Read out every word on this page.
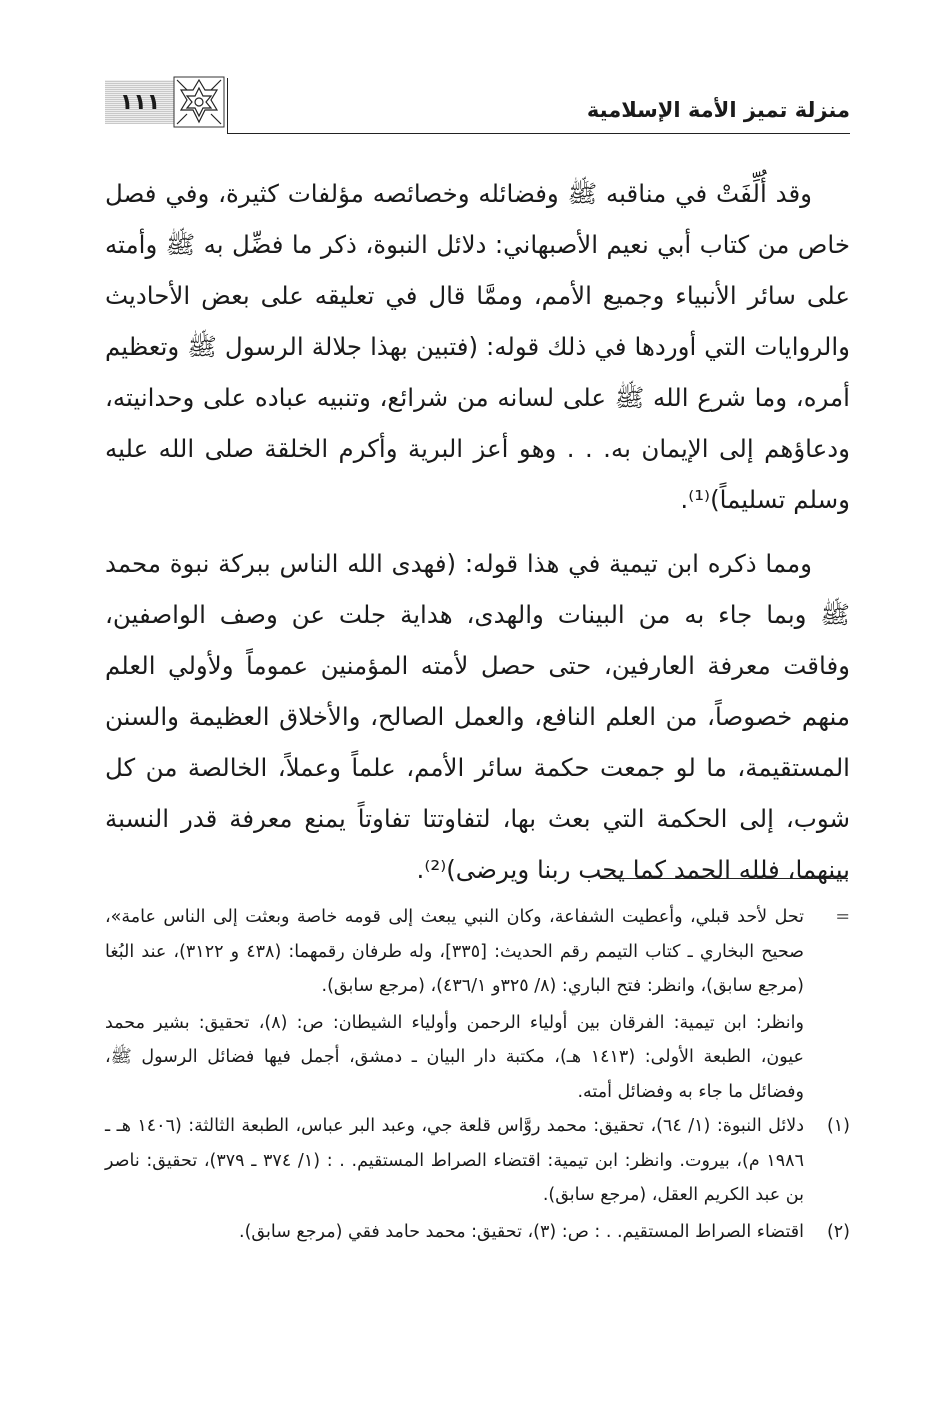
١١١	منزلة تميز الأمة الإسلامية

وقد أُلِّفَتْ في مناقبه ﷺ وفضائله وخصائصه مؤلفات كثيرة، وفي فصل خاص من كتاب أبي نعيم الأصبهاني: دلائل النبوة، ذكر ما فضِّل به ﷺ وأمته على سائر الأنبياء وجميع الأمم، وممَّا قال في تعليقه على بعض الأحاديث والروايات التي أوردها في ذلك قوله: (فتبين بهذا جلالة الرسول ﷺ وتعظيم أمره، وما شرع الله ﷺ على لسانه من شرائع، وتنبيه عباده على وحدانيته، ودعاؤهم إلى الإيمان به. . . وهو أعز البرية وأكرم الخلقة صلى الله عليه وسلم تسليماً)⁽¹⁾.

ومما ذكره ابن تيمية في هذا قوله: (فهدى الله الناس ببركة نبوة محمد ﷺ وبما جاء به من البينات والهدى، هداية جلت عن وصف الواصفين، وفاقت معرفة العارفين، حتى حصل لأمته المؤمنين عموماً ولأولي العلم منهم خصوصاً، من العلم النافع، والعمل الصالح، والأخلاق العظيمة والسنن المستقيمة، ما لو جمعت حكمة سائر الأمم، علماً وعملاً، الخالصة من كل شوب، إلى الحكمة التي بعث بها، لتفاوتتا تفاوتاً يمنع معرفة قدر النسبة بينهما، فلله الحمد كما يحب ربنا ويرضى)⁽²⁾.

=
تحل لأحد قبلي، وأعطيت الشفاعة، وكان النبي يبعث إلى قومه خاصة وبعثت إلى الناس عامة»، صحيح البخاري ـ كتاب التيمم رقم الحديث: [٣٣٥]، وله طرفان رقمهما: (٤٣٨ و ٣١٢٢)، عند البُغا (مرجع سابق)، وانظر: فتح الباري: (٨/ ٣٢٥و ٤٣٦/١)، (مرجع سابق).
وانظر: ابن تيمية: الفرقان بين أولياء الرحمن وأولياء الشيطان: ص: (٨)، تحقيق: بشير محمد عيون، الطبعة الأولى: (١٤١٣ هـ)، مكتبة دار البيان ـ دمشق، أجمل فيها فضائل الرسول ﷺ، وفضائل ما جاء به وفضائل أمته.
(١)
دلائل النبوة: (١/ ٦٤)، تحقيق: محمد روَّاس قلعة جي، وعبد البر عباس، الطبعة الثالثة: (١٤٠٦ هـ ـ ١٩٨٦ م)، بيروت. وانظر: ابن تيمية: اقتضاء الصراط المستقيم. . : (١/ ٣٧٤ ـ ٣٧٩)، تحقيق: ناصر بن عبد الكريم العقل، (مرجع سابق).
(٢)
اقتضاء الصراط المستقيم. . : ص: (٣)، تحقيق: محمد حامد فقي (مرجع سابق).
